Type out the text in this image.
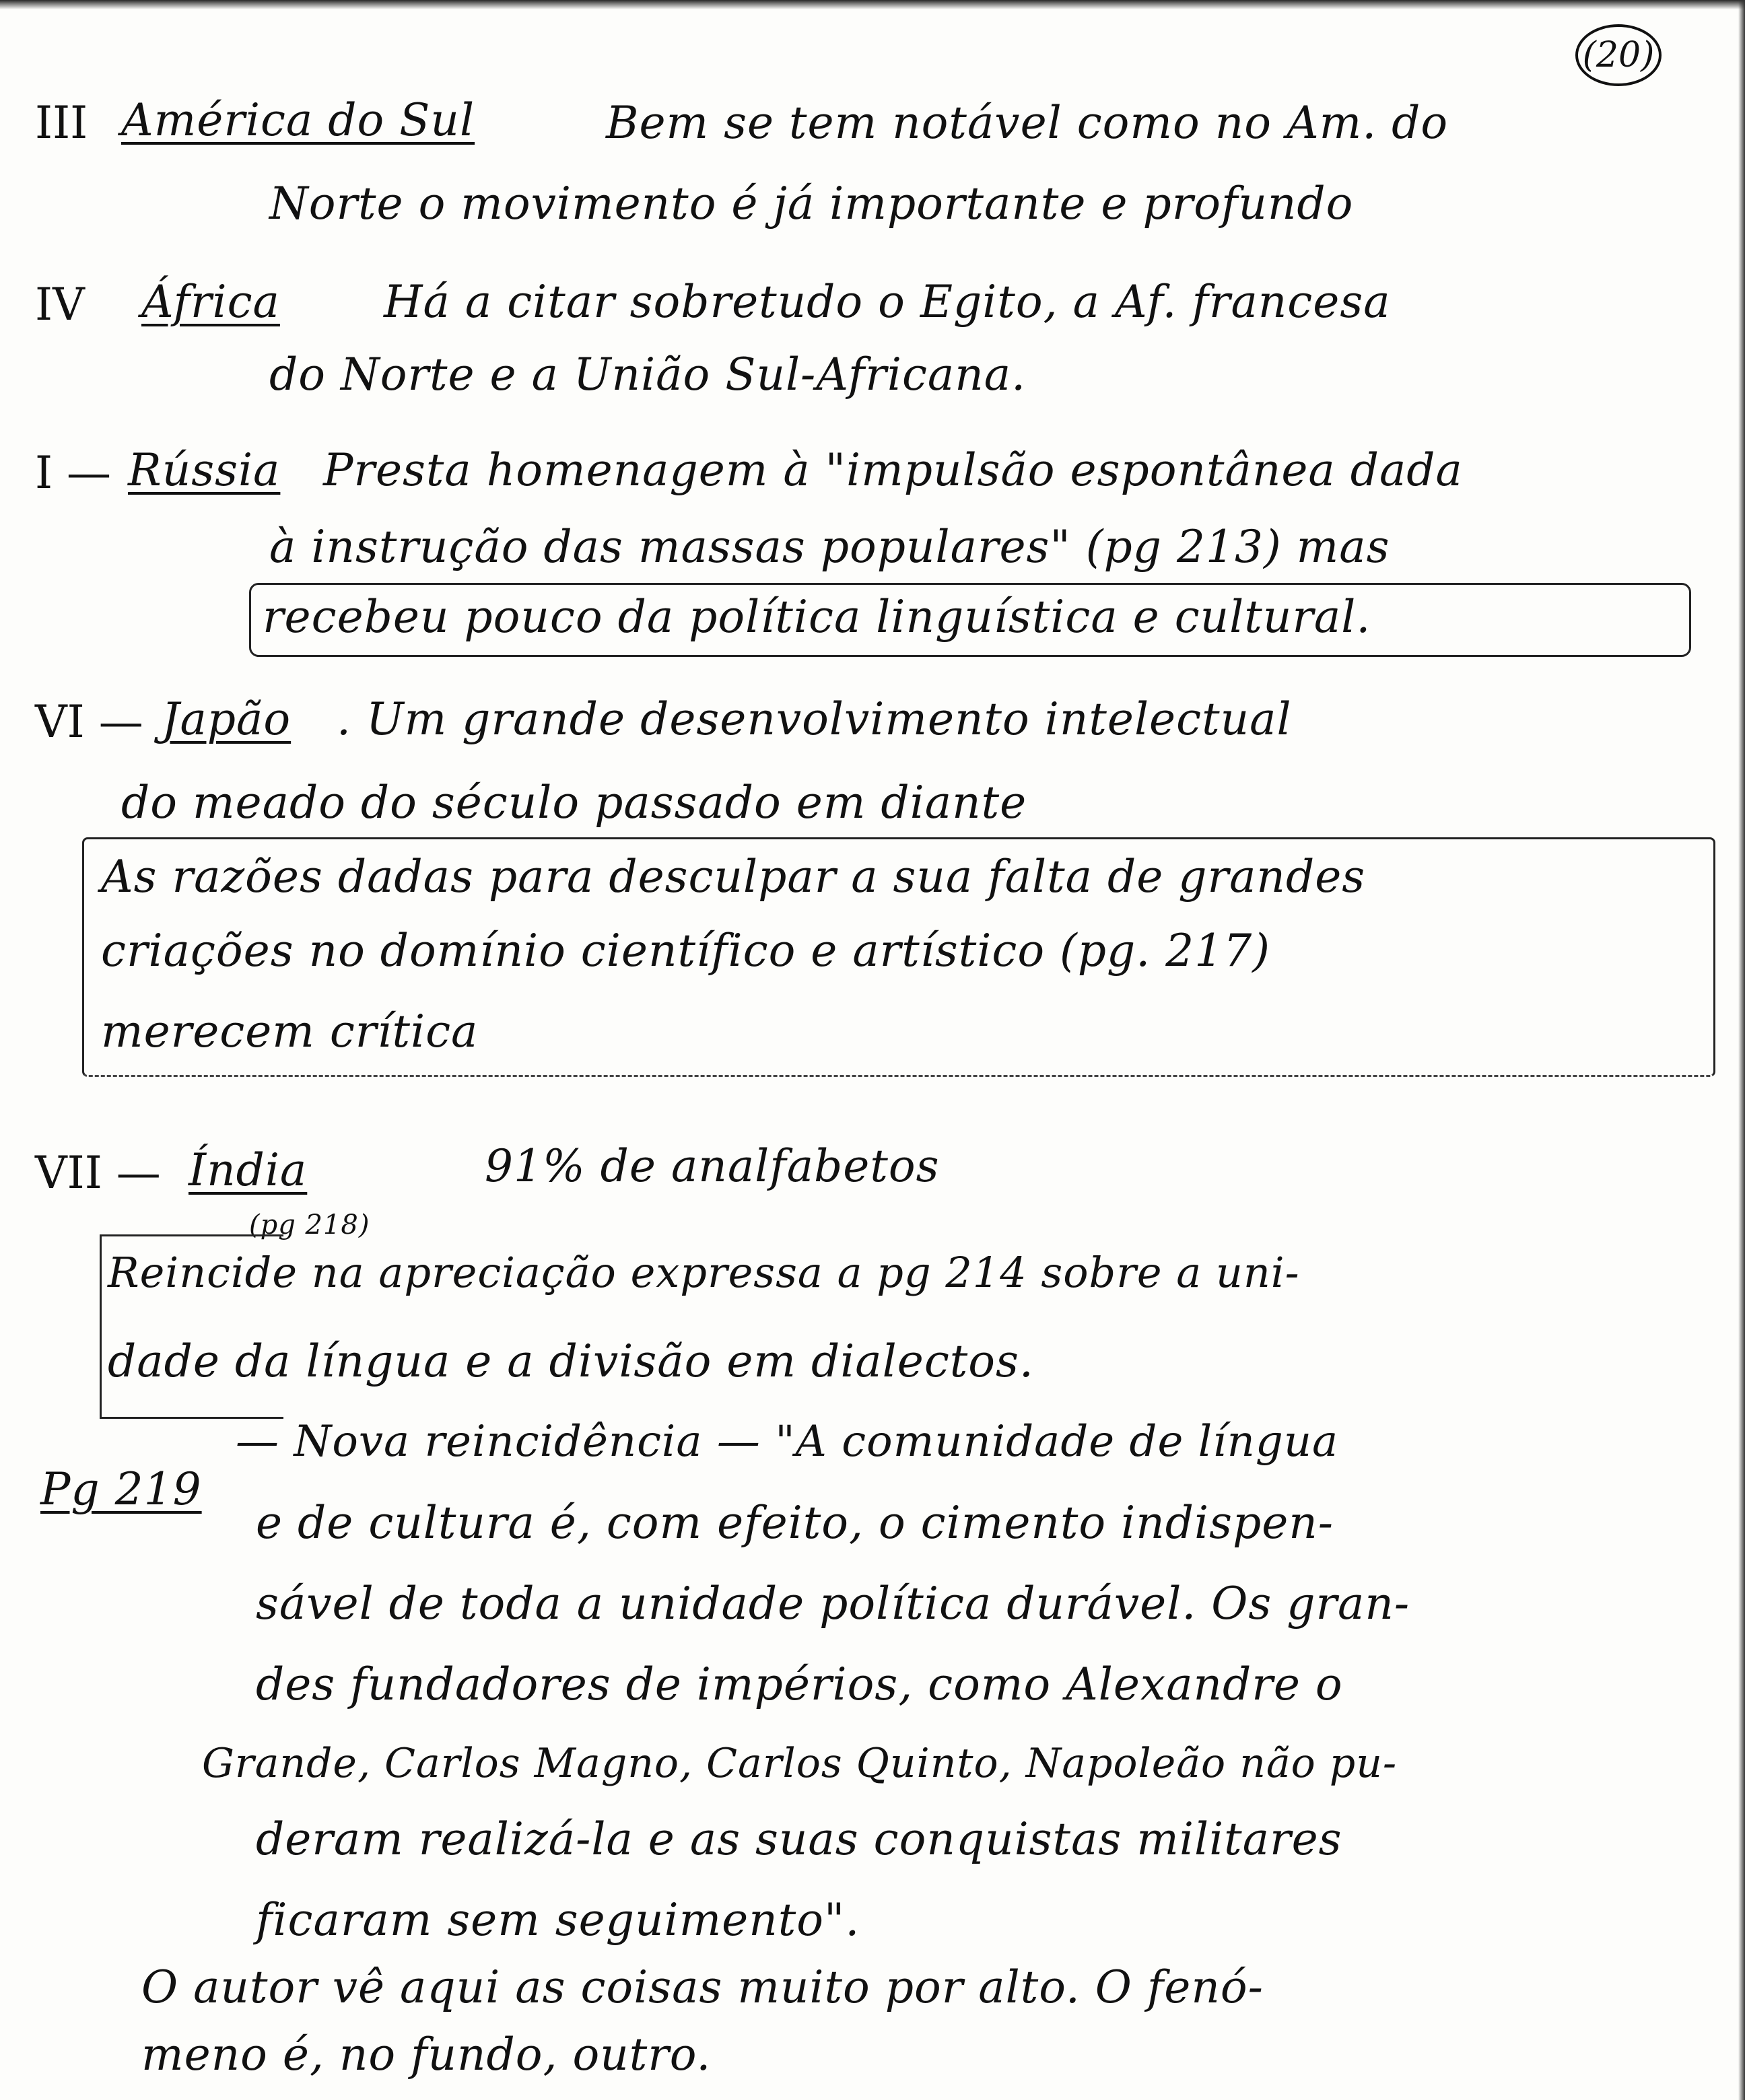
(20)
III América do Sul	Bem se tem notável como no Am. do
Norte o movimento é já importante e profundo
IV África Há a citar sobretudo o Egito, a Af. francesa
do Norte e a União Sul-Africana.
I — Rússia Presta homenagem à "impulsão espontânea dada
à instrução das massas populares" (pg 213) mas
recebeu pouco da política linguística e cultural.
VI — Japão . Um grande desenvolvimento intelectual
do meado do século passado em diante
As razões dadas para desculpar a sua falta de grandes
criações no domínio científico e artístico (pg. 217)
merecem crítica
VII — Índia	91% de analfabetos
(pg 218)
Reincide na apreciação expressa a pg 214 sobre a uni-
dade da língua e a divisão em dialectos.
Pg 219
— Nova reincidência — "A comunidade de língua
e de cultura é, com efeito, o cimento indispen-
sável de toda a unidade política durável. Os gran-
des fundadores de impérios, como Alexandre o
Grande, Carlos Magno, Carlos Quinto, Napoleão não pu-
deram realizá-la e as suas conquistas militares
ficaram sem seguimento".
O autor vê aqui as coisas muito por alto. O fenó-
meno é, no fundo, outro.
